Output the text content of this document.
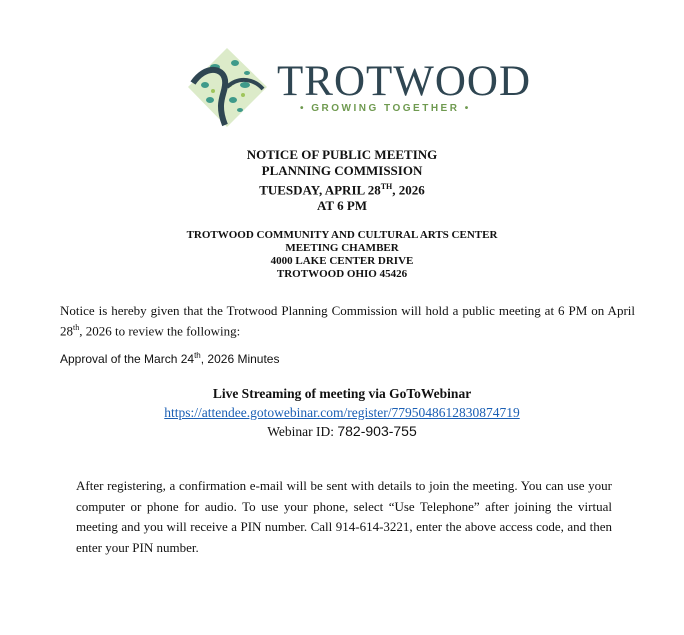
TROTWOOD
• GROWING TOGETHER •
NOTICE OF PUBLIC MEETING
PLANNING COMMISSION
TUESDAY, APRIL 28TH, 2026
AT 6 PM
TROTWOOD COMMUNITY AND CULTURAL ARTS CENTER
MEETING CHAMBER
4000 LAKE CENTER DRIVE
TROTWOOD OHIO 45426
Notice is hereby given that the Trotwood Planning Commission will hold a public meeting at 6 PM on April 28th, 2026 to review the following:
Approval of the March 24th, 2026 Minutes
Live Streaming of meeting via GoToWebinar
https://attendee.gotowebinar.com/register/7795048612830874719
Webinar ID: 782-903-755
After registering, a confirmation e-mail will be sent with details to join the meeting. You can use your computer or phone for audio. To use your phone, select “Use Telephone” after joining the virtual meeting and you will receive a PIN number. Call 914-614-3221, enter the above access code, and then enter your PIN number.
